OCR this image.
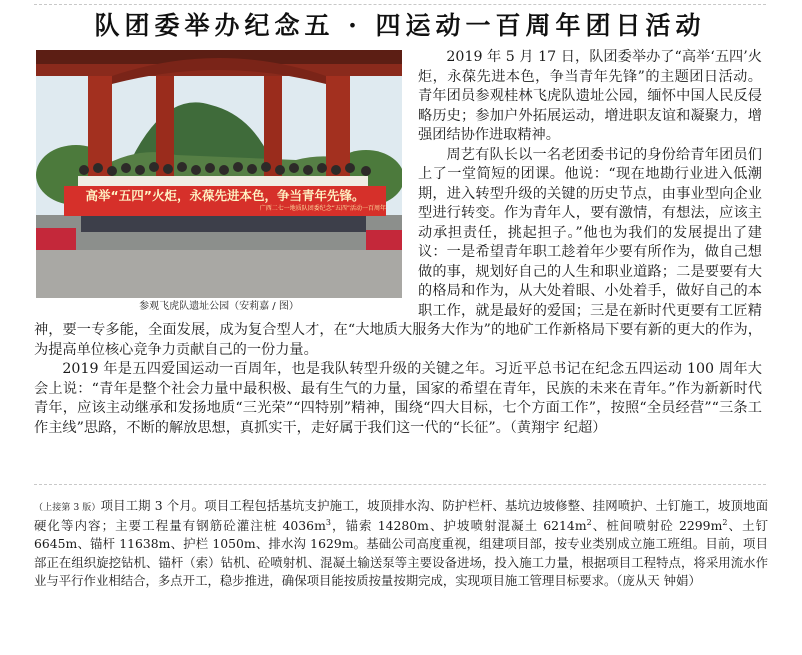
队团委举办纪念五 · 四运动一百周年团日活动
高举“五四”火炬，永葆先进本色，争当青年先锋。
广西二七一地质队团委纪念“五四”活动一百周年
参观飞虎队遗址公园（安莉嘉 / 图）

2019 年 5 月 17 日，队团委举办了“高举‘五四’火炬，永葆先进本色，争当青年先锋”的主题团日活动。青年团员参观桂林飞虎队遗址公园，缅怀中国人民反侵略历史；参加户外拓展运动，增进职友谊和凝聚力，增强团结协作进取精神。

周艺有队长以一名老团委书记的身份给青年团员们上了一堂简短的团课。他说：“现在地勘行业进入低潮期，进入转型升级的关键的历史节点，由事业型向企业型进行转变。作为青年人，要有激情，有想法，应该主动承担责任，挑起担子。”他也为我们的发展提出了建议：一是希望青年职工趁着年少要有所作为，做自己想做的事，规划好自己的人生和职业道路；二是要要有大的格局和作为，从大处着眼、小处着手，做好自己的本职工作，就是最好的爱国；三是在新时代更要有工匠精神，要一专多能，全面发展，成为复合型人才，在“大地质大服务大作为”的地矿工作新格局下要有新的更大的作为，为提高单位核心竞争力贡献自己的一份力量。

2019 年是五四爱国运动一百周年，也是我队转型升级的关键之年。习近平总书记在纪念五四运动 100 周年大会上说：“青年是整个社会力量中最积极、最有生气的力量，国家的希望在青年，民族的未来在青年。”作为新新时代青年，应该主动继承和发扬地质“三光荣”“四特别”精神，围绕“四大目标，七个方面工作”，按照“全员经营”“三条工作主线”思路，不断的解放思想，真抓实干，走好属于我们这一代的“长征”。（黄翔宇 纪超）

（上接第 3 版）项目工期 3 个月。项目工程包括基坑支护施工，坡顶排水沟、防护栏杆、基坑边坡修整、挂网喷护、土钉施工，坡顶地面硬化等内容；主要工程量有钢筋砼灌注桩 $4036m^3$，锚索 14280m、护坡喷射混凝土 $6214m^2$、桩间喷射砼 $2299m^2$、土钉 6645m、锚杆 11638m、护栏 1050m、排水沟 1629m。基础公司高度重视，组建项目部，按专业类别成立施工班组。目前，项目部正在组织旋挖钻机、锚杆（索）钻机、砼喷射机、混凝土输送泵等主要设备进场，投入施工力量，根据项目工程特点，将采用流水作业与平行作业相结合，多点开工，稳步推进，确保项目能按质按量按期完成，实现项目施工管理目标要求。（庞从天 钟娟）
